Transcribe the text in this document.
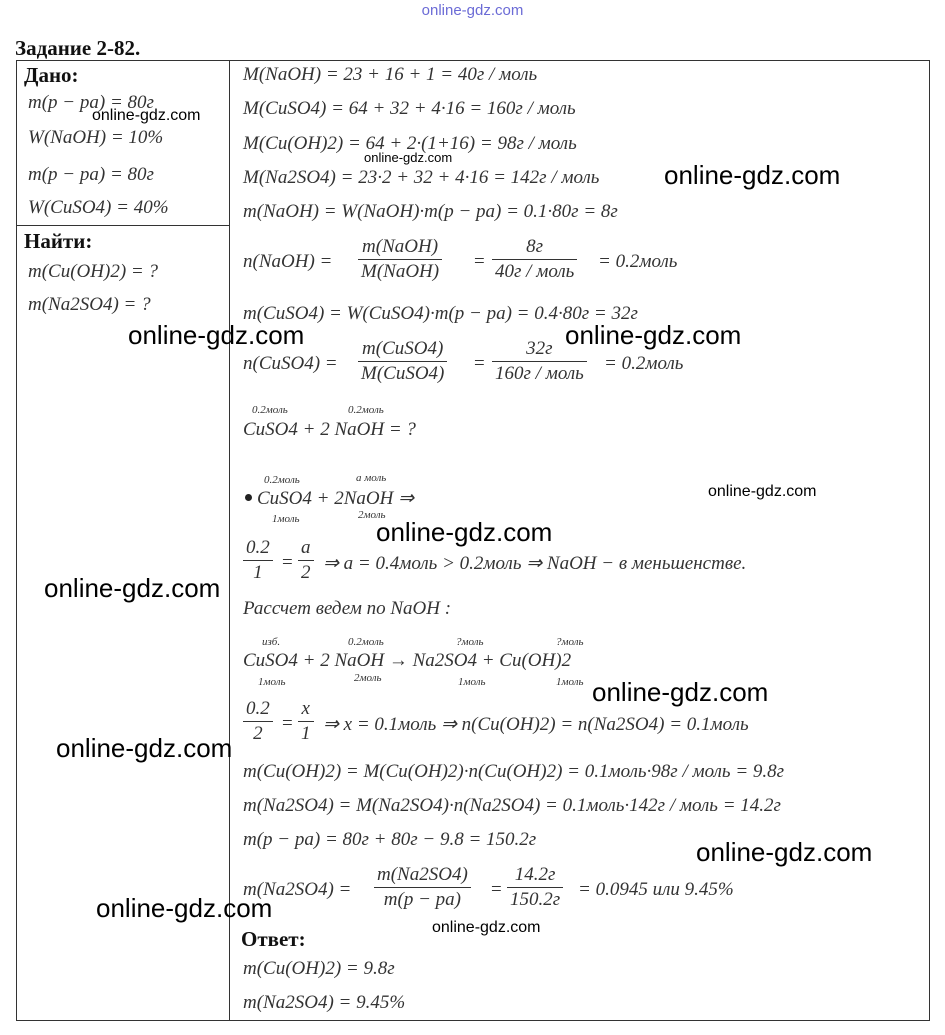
online-gdz.com
Задание 2-82.
Дано:
m(p − pa) = 80г
W(NaOH) = 10%
m(p − pa) = 80г
W(CuSO4) = 40%
Найти:
m(Cu(OH)2) = ?
m(Na2SO4) = ?
M(NaOH) = 23 + 16 + 1 = 40г / моль
M(CuSO4) = 64 + 32 + 4·16 = 160г / моль
M(Cu(OH)2) = 64 + 2·(1+16) = 98г / моль
M(Na2SO4) = 23·2 + 32 + 4·16 = 142г / моль
m(NaOH) = W(NaOH)·m(p − pa) = 0.1·80г = 8г
n(NaOH) =
m(NaOH)
M(NaOH) =
8г
40г / моль = 0.2моль
m(CuSO4) = W(CuSO4)·m(p − pa) = 0.4·80г = 32г
n(CuSO4) =
m(CuSO4)
M(CuSO4) =
32г
160г / моль = 0.2моль
0.2моль	0.2моль
CuSO4 + 2 NaOH = ?
0.2моль	a моль
CuSO4 + 2NaOH ⇒
1моль	2моль
$\frac{0.2}{1} = \frac{a}{2}$ ⇒ a = 0.4моль > 0.2моль ⇒ NaOH − в меньшенстве.
Рассчет ведем по NaOH :
изб.	0.2моль	?моль	?моль
CuSO4 + 2 NaOH → Na2SO4 + Cu(OH)2
1моль	2моль	1моль	1моль
$\frac{0.2}{2} = \frac{x}{1}$ ⇒ x = 0.1моль ⇒ n(Cu(OH)2) = n(Na2SO4) = 0.1моль
m(Cu(OH)2) = M(Cu(OH)2)·n(Cu(OH)2) = 0.1моль·98г / моль = 9.8г
m(Na2SO4) = M(Na2SO4)·n(Na2SO4) = 0.1моль·142г / моль = 14.2г
m(p − pa) = 80г + 80г − 9.8 = 150.2г
$m(Na2SO4) = \frac{m(Na2SO4)}{m(p - pa)}$ =
14.2г
150.2г = 0.0945 или 9.45%
Ответ:
m(Cu(OH)2) = 9.8г
m(Na2SO4) = 9.45%
online-gdz.com
online-gdz.com
online-gdz.com
online-gdz.com	online-gdz.com
online-gdz.com
online-gdz.com
online-gdz.com
online-gdz.com
online-gdz.com
online-gdz.com
online-gdz.com
online-gdz.com
